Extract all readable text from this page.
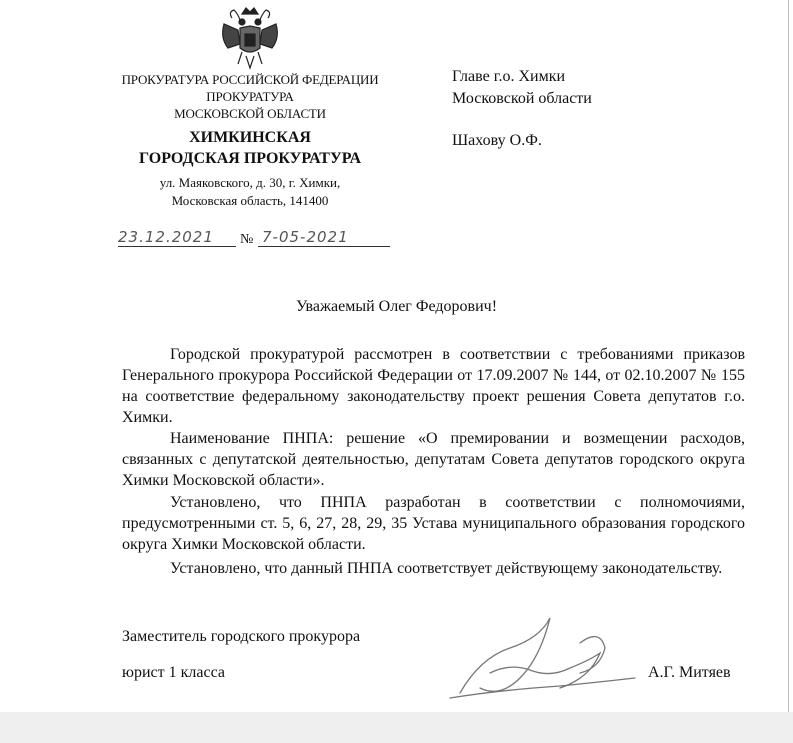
ПРОКУРАТУРА РОССИЙСКОЙ ФЕДЕРАЦИИ
ПРОКУРАТУРА
МОСКОВСКОЙ ОБЛАСТИ
ХИМКИНСКАЯ
ГОРОДСКАЯ ПРОКУРАТУРА
ул. Маяковского, д. 30, г. Химки,
Московская область, 141400
Главе г.о. Химки
Московской области
Шахову О.Ф.
23.12.2021 № 7-05-2021
Уважаемый Олег Федорович!

Городской прокуратурой рассмотрен в соответствии с требованиями приказов Генерального прокурора Российской Федерации от 17.09.2007 № 144, от 02.10.2007 № 155 на соответствие федеральному законодательству проект решения Совета депутатов г.о. Химки.

Наименование ПНПА: решение «О премировании и возмещении расходов, связанных с депутатской деятельностью, депутатам Совета депутатов городского округа Химки Московской области».

Установлено, что ПНПА разработан в соответствии с полномочиями, предусмотренными ст. 5, 6, 27, 28, 29, 35 Устава муниципального образования городского округа Химки Московской области.

Установлено, что данный ПНПА соответствует действующему законодательству.

Заместитель городского прокурора
юрист 1 класса	А.Г. Митяев
